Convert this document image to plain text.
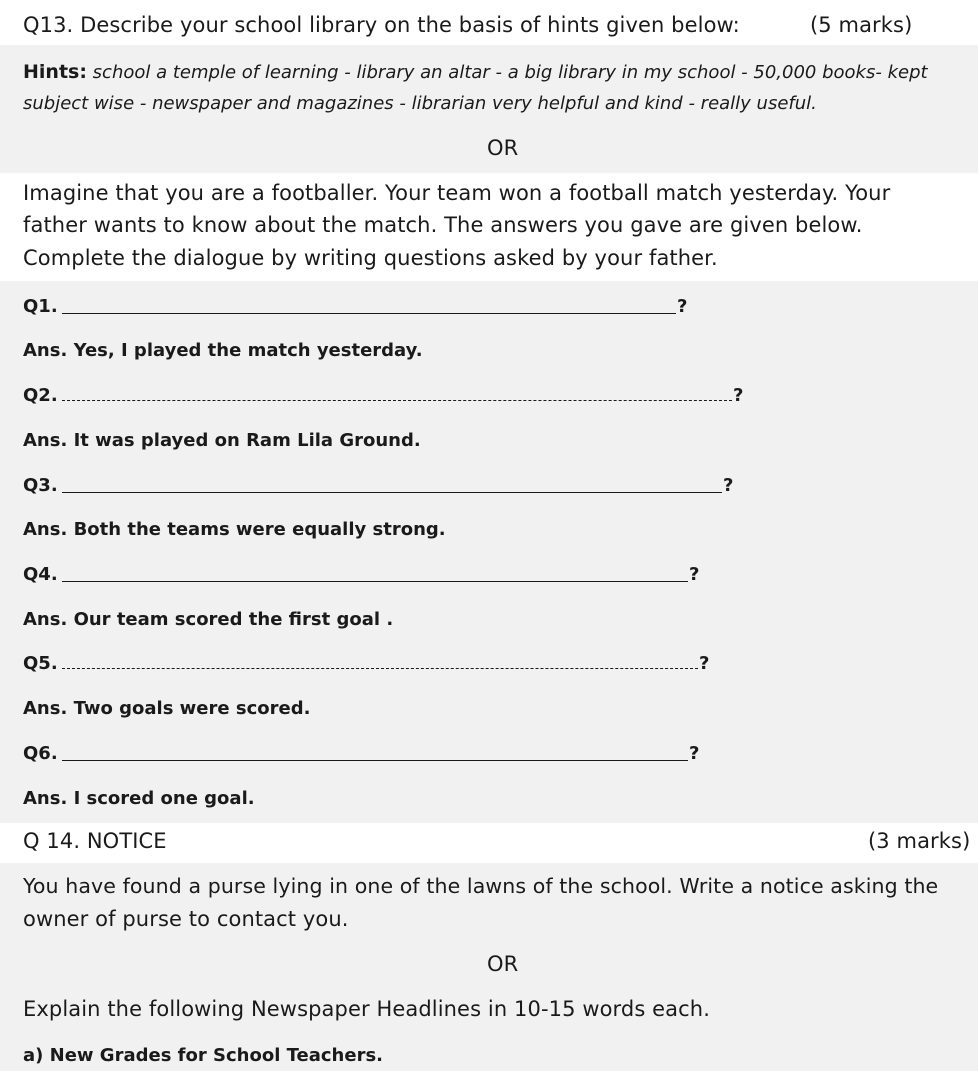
Q13. Describe your school library on the basis of hints given below:	(5 marks)
Hints: school a temple of learning - library an altar - a big library in my school - 50,000 books- kept
subject wise - newspaper and magazines - librarian very helpful and kind - really useful.
OR
Imagine that you are a footballer. Your team won a football match yesterday. Your
father wants to know about the match. The answers you gave are given below.
Complete the dialogue by writing questions asked by your father.
Q1.	?
Ans. Yes, I played the match yesterday.
Q2.	?
Ans. It was played on Ram Lila Ground.
Q3.	?
Ans. Both the teams were equally strong.
Q4.	?
Ans. Our team scored the first goal .
Q5.	?
Ans. Two goals were scored.
Q6.	?
Ans. I scored one goal.
Q 14. NOTICE	(3 marks)
You have found a purse lying in one of the lawns of the school. Write a notice asking the
owner of purse to contact you.
OR
Explain the following Newspaper Headlines in 10-15 words each.
a) New Grades for School Teachers.
